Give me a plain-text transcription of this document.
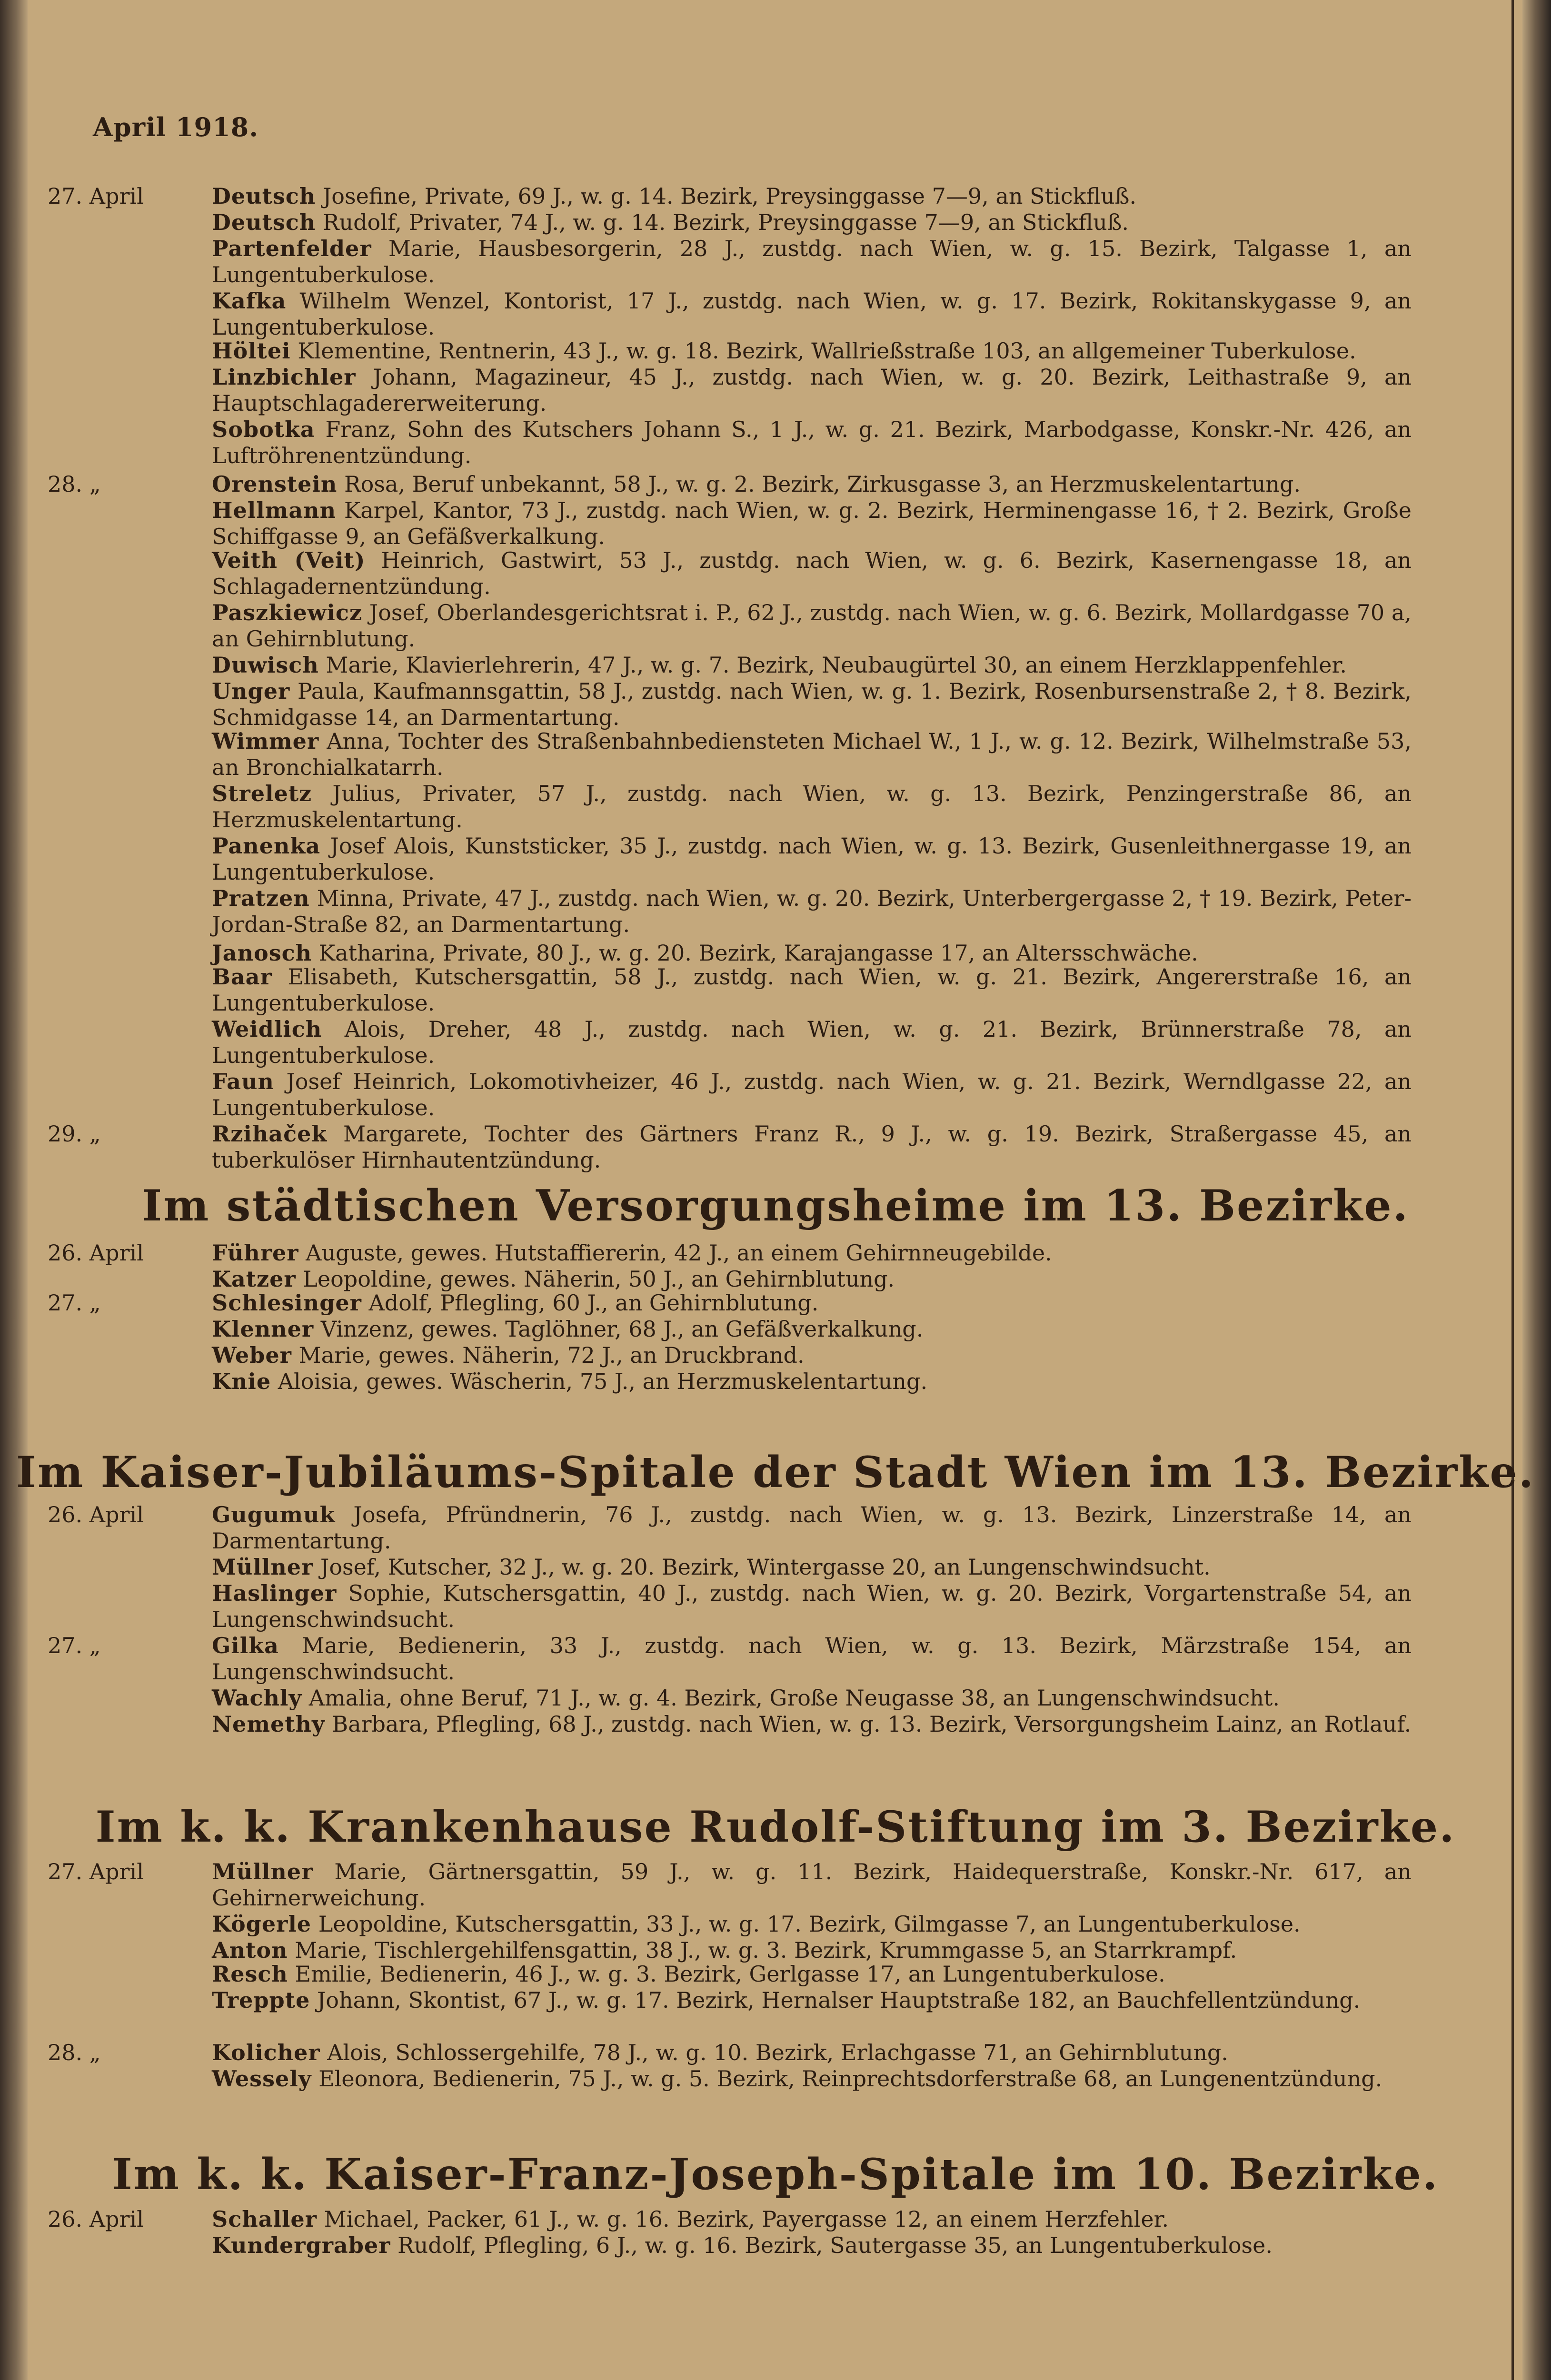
April 1918.
27. April	Deutsch Josefine, Private, 69 J., w. g. 14. Bezirk, Preysinggasse 7—9, an Stickfluß.
Deutsch Rudolf, Privater, 74 J., w. g. 14. Bezirk, Preysinggasse 7—9, an Stickfluß.
Partenfelder Marie, Hausbesorgerin, 28 J., zustdg. nach Wien, w. g. 15. Bezirk, Talgasse 1, an Lungentuberkulose.
Kafka Wilhelm Wenzel, Kontorist, 17 J., zustdg. nach Wien, w. g. 17. Bezirk, Rokitanskygasse 9, an Lungentuberkulose.
Höltei Klementine, Rentnerin, 43 J., w. g. 18. Bezirk, Wallrießstraße 103, an allgemeiner Tuberkulose.
Linzbichler Johann, Magazineur, 45 J., zustdg. nach Wien, w. g. 20. Bezirk, Leithastraße 9, an Hauptschlagadererweiterung.
Sobotka Franz, Sohn des Kutschers Johann S., 1 J., w. g. 21. Bezirk, Marbodgasse, Konskr.-Nr. 426, an Luftröhrenentzündung.
28. „	Orenstein Rosa, Beruf unbekannt, 58 J., w. g. 2. Bezirk, Zirkusgasse 3, an Herzmuskelentartung.
Hellmann Karpel, Kantor, 73 J., zustdg. nach Wien, w. g. 2. Bezirk, Herminengasse 16, † 2. Bezirk, Große Schiffgasse 9, an Gefäßverkalkung.
Veith (Veit) Heinrich, Gastwirt, 53 J., zustdg. nach Wien, w. g. 6. Bezirk, Kasernengasse 18, an Schlagadernentzündung.
Paszkiewicz Josef, Oberlandesgerichtsrat i. P., 62 J., zustdg. nach Wien, w. g. 6. Bezirk, Mollardgasse 70 a, an Gehirnblutung.
Duwisch Marie, Klavierlehrerin, 47 J., w. g. 7. Bezirk, Neubaugürtel 30, an einem Herzklappenfehler.
Unger Paula, Kaufmannsgattin, 58 J., zustdg. nach Wien, w. g. 1. Bezirk, Rosenbursenstraße 2, † 8. Bezirk, Schmidgasse 14, an Darmentartung.
Wimmer Anna, Tochter des Straßenbahnbediensteten Michael W., 1 J., w. g. 12. Bezirk, Wilhelmstraße 53, an Bronchialkatarrh.
Streletz Julius, Privater, 57 J., zustdg. nach Wien, w. g. 13. Bezirk, Penzingerstraße 86, an Herzmuskelentartung.
Panenka Josef Alois, Kunststicker, 35 J., zustdg. nach Wien, w. g. 13. Bezirk, Gusenleithnergasse 19, an Lungentuberkulose.
Pratzen Minna, Private, 47 J., zustdg. nach Wien, w. g. 20. Bezirk, Unterbergergasse 2, † 19. Bezirk, Peter-Jordan-Straße 82, an Darmentartung.
Janosch Katharina, Private, 80 J., w. g. 20. Bezirk, Karajangasse 17, an Altersschwäche.
Baar Elisabeth, Kutschersgattin, 58 J., zustdg. nach Wien, w. g. 21. Bezirk, Angererstraße 16, an Lungentuberkulose.
Weidlich Alois, Dreher, 48 J., zustdg. nach Wien, w. g. 21. Bezirk, Brünnerstraße 78, an Lungentuberkulose.
Faun Josef Heinrich, Lokomotivheizer, 46 J., zustdg. nach Wien, w. g. 21. Bezirk, Werndlgasse 22, an Lungentuberkulose.
29. „	Rzihaček Margarete, Tochter des Gärtners Franz R., 9 J., w. g. 19. Bezirk, Straßergasse 45, an tuberkulöser Hirnhautentzündung.
Im städtischen Versorgungsheime im 13. Bezirke.
26. April	Führer Auguste, gewes. Hutstaffiererin, 42 J., an einem Gehirnneugebilde.
Katzer Leopoldine, gewes. Näherin, 50 J., an Gehirnblutung.
27. „	Schlesinger Adolf, Pflegling, 60 J., an Gehirnblutung.
Klenner Vinzenz, gewes. Taglöhner, 68 J., an Gefäßverkalkung.
Weber Marie, gewes. Näherin, 72 J., an Druckbrand.
Knie Aloisia, gewes. Wäscherin, 75 J., an Herzmuskelentartung.
Im Kaiser-Jubiläums-Spitale der Stadt Wien im 13. Bezirke.
26. April	Gugumuk Josefa, Pfründnerin, 76 J., zustdg. nach Wien, w. g. 13. Bezirk, Linzerstraße 14, an Darmentartung.
Müllner Josef, Kutscher, 32 J., w. g. 20. Bezirk, Wintergasse 20, an Lungenschwindsucht.
Haslinger Sophie, Kutschersgattin, 40 J., zustdg. nach Wien, w. g. 20. Bezirk, Vorgartenstraße 54, an Lungenschwindsucht.
27. „	Gilka Marie, Bedienerin, 33 J., zustdg. nach Wien, w. g. 13. Bezirk, Märzstraße 154, an Lungenschwindsucht.
Wachly Amalia, ohne Beruf, 71 J., w. g. 4. Bezirk, Große Neugasse 38, an Lungenschwindsucht.
Nemethy Barbara, Pflegling, 68 J., zustdg. nach Wien, w. g. 13. Bezirk, Versorgungsheim Lainz, an Rotlauf.
Im k. k. Krankenhause Rudolf-Stiftung im 3. Bezirke.
27. April	Müllner Marie, Gärtnersgattin, 59 J., w. g. 11. Bezirk, Haidequerstraße, Konskr.-Nr. 617, an Gehirnerweichung.
Kögerle Leopoldine, Kutschersgattin, 33 J., w. g. 17. Bezirk, Gilmgasse 7, an Lungentuberkulose.
Anton Marie, Tischlergehilfensgattin, 38 J., w. g. 3. Bezirk, Krummgasse 5, an Starrkrampf.
Resch Emilie, Bedienerin, 46 J., w. g. 3. Bezirk, Gerlgasse 17, an Lungentuberkulose.
Treppte Johann, Skontist, 67 J., w. g. 17. Bezirk, Hernalser Hauptstraße 182, an Bauchfellentzündung.
28. „	Kolicher Alois, Schlossergehilfe, 78 J., w. g. 10. Bezirk, Erlachgasse 71, an Gehirnblutung.
Wessely Eleonora, Bedienerin, 75 J., w. g. 5. Bezirk, Reinprechtsdorferstraße 68, an Lungenentzündung.
Im k. k. Kaiser-Franz-Joseph-Spitale im 10. Bezirke.
26. April	Schaller Michael, Packer, 61 J., w. g. 16. Bezirk, Payergasse 12, an einem Herzfehler.
Kundergraber Rudolf, Pflegling, 6 J., w. g. 16. Bezirk, Sautergasse 35, an Lungentuberkulose.
